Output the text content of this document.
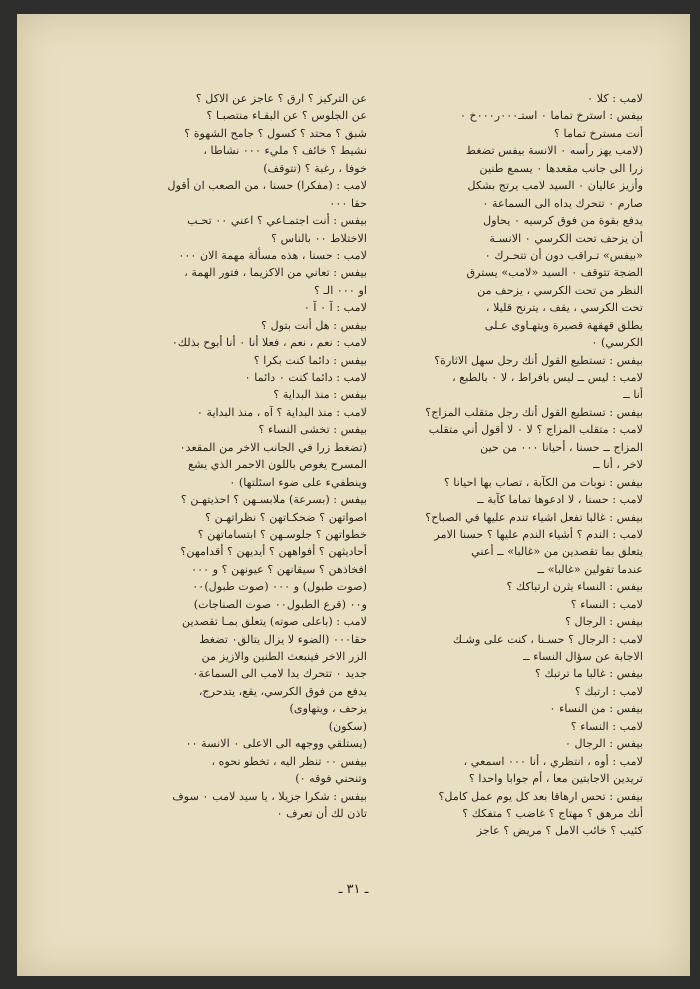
لامب : كلا ٠
بيفس : استرخ تماما ٠ استـ٠٠٠ر٠٠٠خ ٠
أنت مسترخ تماما ؟
(لامب يهز رأسه ٠ الانسة بيفس تضغط
زرا الى جانب مقعدها ٠ يسمع طنين
وأزيز عاليان ٠ السيد لامب يرتج بشكل
صارم ٠ تتحرك يداه الى السماعة ٠
يدفع بقوة من فوق كرسيه ٠ يحاول
أن يزحف تحت الكرسي ٠ الانسـة
«بيفس» تـراقب دون أن تتحـرك ٠
الضجة تتوقف ٠ السيد «لامب» يسترق
النظر من تحت الكرسي ، يزحف من
تحت الكرسي ، يقف ، يترنح قليلا ،
يطلق قهقهة قصيرة ويتهـاوى عـلى
الكرسي) ٠
بيفس : تستطيع القول أنك رجل سهل الاثارة؟
لامب : ليس ــ ليس بافراط ، لا ٠ بالطبع ،
أنا ــ
بيفس : تستطيع القول أنك رجل متقلب المزاج؟
لامب : متقلب المزاج ؟ لا ٠ لا أقول أني متقلب
المزاج ــ حسنا ، أحيانا ٠٠٠ من حين
لاخر ، أنا ــ
بيفس : نوبات من الكآبة ، تصاب بها احيانا ؟
لامب : حسنا ، لا ادعوها تماما كآبة ــ
بيفس : غالبا تفعل اشياء تندم عليها في الصباح؟
لامب : الندم ؟ أشياء الندم عليها ؟ حسنا الامر
يتعلق بما تقصدين من «غالبا» ــ أعني
عندما تقولين «غالبا» ــ
بيفس : النساء يثرن ارتباكك ؟
لامب : النساء ؟
بيفس : الرجال ؟
لامب : الرجال ؟ حسـنا ، كنت على وشـك
الاجابة عن سؤال النساء ــ
بيفس : غالبا ما ترتبك ؟
لامب : ارتبك ؟
بيفس : من النساء ٠
لامب : النساء ؟
بيفس : الرجال ٠
لامب : أوه ، انتظري ، أنا ٠٠٠ اسمعي ،
تريدين الاجابتين معا ، أم جوابا واحدا ؟
بيفس : تحس ارهاقا بعد كل يوم عمل كامل؟
أنك مرهق ؟ مهتاج ؟ غاضب ؟ متفكك ؟
كئيب ؟ خائب الامل ؟ مريض ؟ عاجز
عن التركيز ؟ ارق ؟ عاجز عن الاكل ؟
عن الجلوس ؟ عن البقـاء منتصبـا ؟
شبق ؟ محتد ؟ كسول ؟ جامح الشهوة ؟
نشيط ؟ خائف ؟ مليء ٠٠٠ نشاطا ،
خوفا ، رغبة ؟ (تتوقف)
لامب : (مفكرا) حسنا ، من الصعب ان أقول
حقا ٠٠٠
بيفس : أنت اجتمـاعي ؟ اعني ٠٠ تحـب
الاختلاط ٠٠ بالناس ؟
لامب : حسنا ، هذه مسألة مهمة الان ٠٠٠
بيفس : تعاني من الاكزيما ، فتور الهمة ،
او ٠٠٠ الـ ؟
لامب : آ ٠ آ ٠
بيفس : هل أنت بتول ؟
لامب : نعم ، نعم ، فعلا أنا ٠ أنا أبوح بذلك٠
بيفس : دائما كنت بكرا ؟
لامب : دائما كنت ٠ دائما ٠
بيفس : منذ البداية ؟
لامب : منذ البداية ؟ آه ، منذ البداية ٠
بيفس : تخشى النساء ؟
(تضغط زرا في الجانب الاخر من المقعد٠
المسرح يغوص باللون الاحمر الذي يشع
وينطفيء على ضوء اسئلتها) ٠
بيفس : (بسرعة) ملابسـهن ؟ احذيتهـن ؟
اصواتهن ؟ ضحكـاتهن ؟ نظراتهـن ؟
خطواتهن ؟ جلوسـهن ؟ ابتساماتهن ؟
أحاديثهن ؟ أفواههن ؟ أيديهن ؟ أقدامهن؟
افخاذهن ؟ سيقانهن ؟ عيونهن ؟ و ٠٠٠
(صوت طبول) و ٠٠٠ (صوت طبول)٠٠
و٠٠ (قرع الطبول٠٠ صوت الصناجات)
لامب : (باعلى صوته) يتعلق بمـا تقصدين
حقا٠٠٠ (الضوء لا يزال يتالق٠ تضغط
الزر الاخر فينبعث الطنين والازيز من
جديد ٠ تتحرك يدا لامب الى السماعة٠
يدفع من فوق الكرسي، يقع، يتدحرج،
يزحف ، ويتهاوى)
(سكون)
(يستلقي ووجهه الى الاعلى ٠ الانسة ٠٠
بيفس ٠٠ تنظر اليه ، تخطو نحوه ،
وتنحني فوقه ٠)
بيفس : شكرا جزيلا ، يا سيد لامب ٠ سوف
تاذن لك أن تعرف ٠
ـ ٣١ ـ
